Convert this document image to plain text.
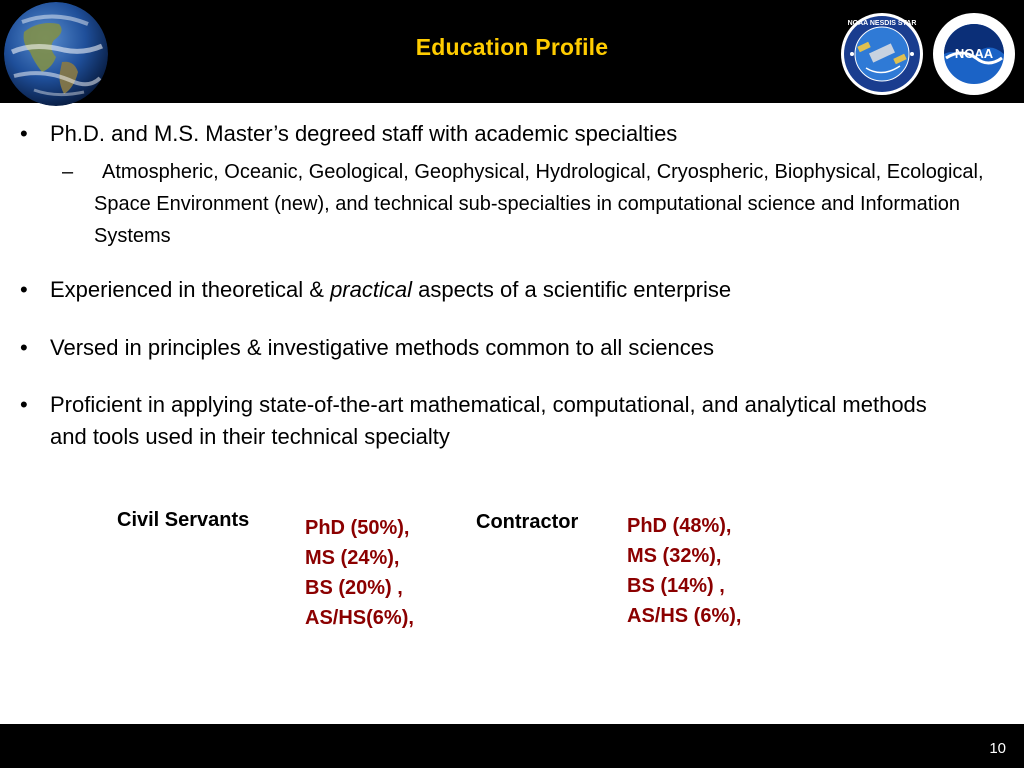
Education Profile
NOAA NESDIS STAR
NOAA
•	Ph.D. and M.S. Master’s degreed staff with academic specialties
–	Atmospheric, Oceanic, Geological, Geophysical, Hydrological, Cryospheric, Biophysical, Ecological, Space Environment (new), and technical sub-specialties in computational science and Information Systems
•	Experienced in theoretical & practical aspects of a scientific enterprise
•	Versed in principles & investigative methods common to all sciences
•	Proficient in applying state-of-the-art mathematical, computational, and analytical methods and tools used in their technical specialty
Civil Servants	PhD (50%),
MS (24%),
BS (20%) ,
AS/HS(6%),
Contractor PhD (48%),
MS (32%),
BS (14%) ,
AS/HS (6%),
10
